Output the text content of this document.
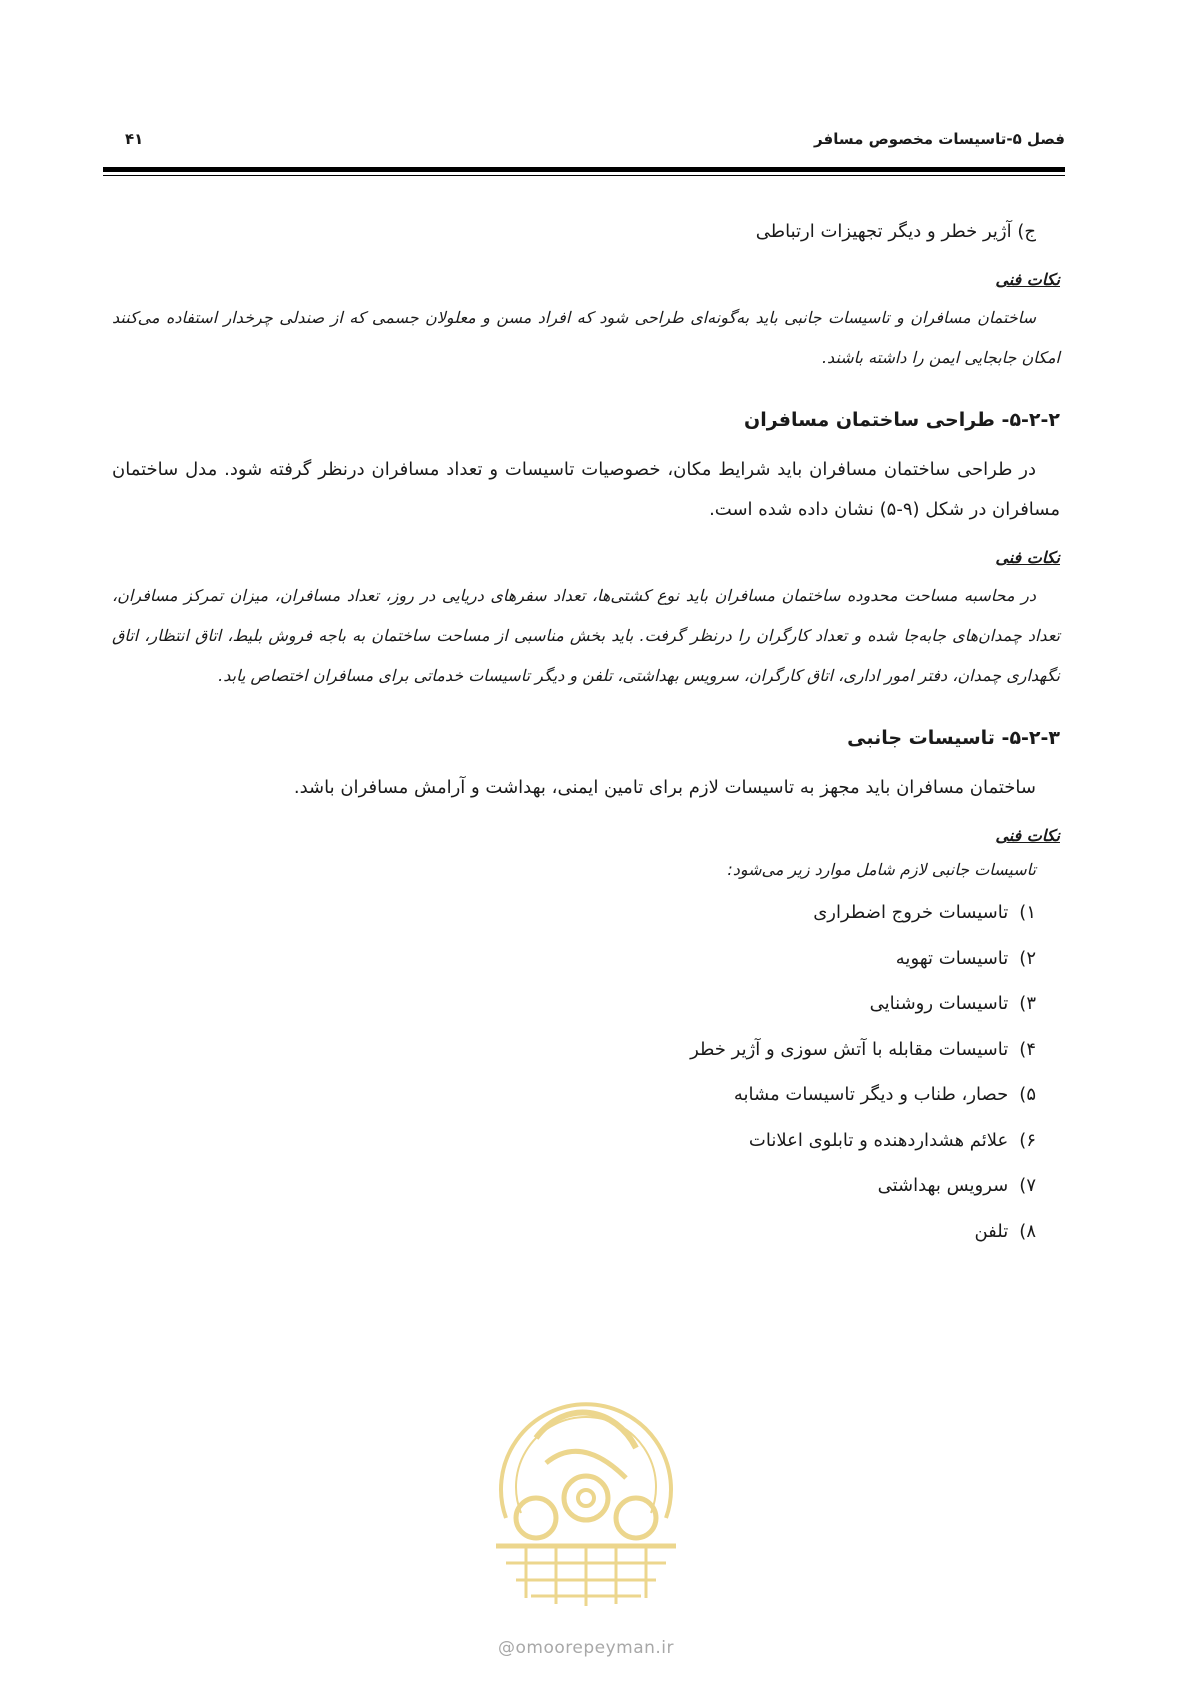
فصل ۵-تاسیسات مخصوص مسافر
۴۱

ج) آژیر خطر و دیگر تجهیزات ارتباطی

نکات فنی

ساختمان مسافران و تاسیسات جانبی باید به‌گونه‌ای طراحی شود که افراد مسن و معلولان جسمی که از صندلی چرخدار استفاده می‌کنند امکان جابجایی ایمن را داشته باشند.

۵-۲-۲- طراحی ساختمان مسافران

در طراحی ساختمان مسافران باید شرایط مکان، خصوصیات تاسیسات و تعداد مسافران درنظر گرفته شود. مدل ساختمان مسافران در شکل (۹-۵) نشان داده شده است.

نکات فنی

در محاسبه مساحت محدوده ساختمان مسافران باید نوع کشتی‌ها، تعداد سفرهای دریایی در روز، تعداد مسافران، میزان تمرکز مسافران، تعداد چمدان‌های جابه‌جا شده و تعداد کارگران را درنظر گرفت. باید بخش مناسبی از مساحت ساختمان به باجه فروش بلیط، اتاق انتظار، اتاق نگهداری چمدان، دفتر امور اداری، اتاق کارگران، سرویس بهداشتی، تلفن و دیگر تاسیسات خدماتی برای مسافران اختصاص یابد.

۵-۲-۳- تاسیسات جانبی

ساختمان مسافران باید مجهز به تاسیسات لازم برای تامین ایمنی، بهداشت و آرامش مسافران باشد.

نکات فنی

تاسیسات جانبی لازم شامل موارد زیر می‌شود:

۱) تاسیسات خروج اضطراری
۲) تاسیسات تهویه
۳) تاسیسات روشنایی
۴) تاسیسات مقابله با آتش سوزی و آژیر خطر
۵) حصار، طناب و دیگر تاسیسات مشابه
۶) علائم هشداردهنده و تابلوی اعلانات
۷) سرویس بهداشتی
۸) تلفن
@omoorepeyman.ir
